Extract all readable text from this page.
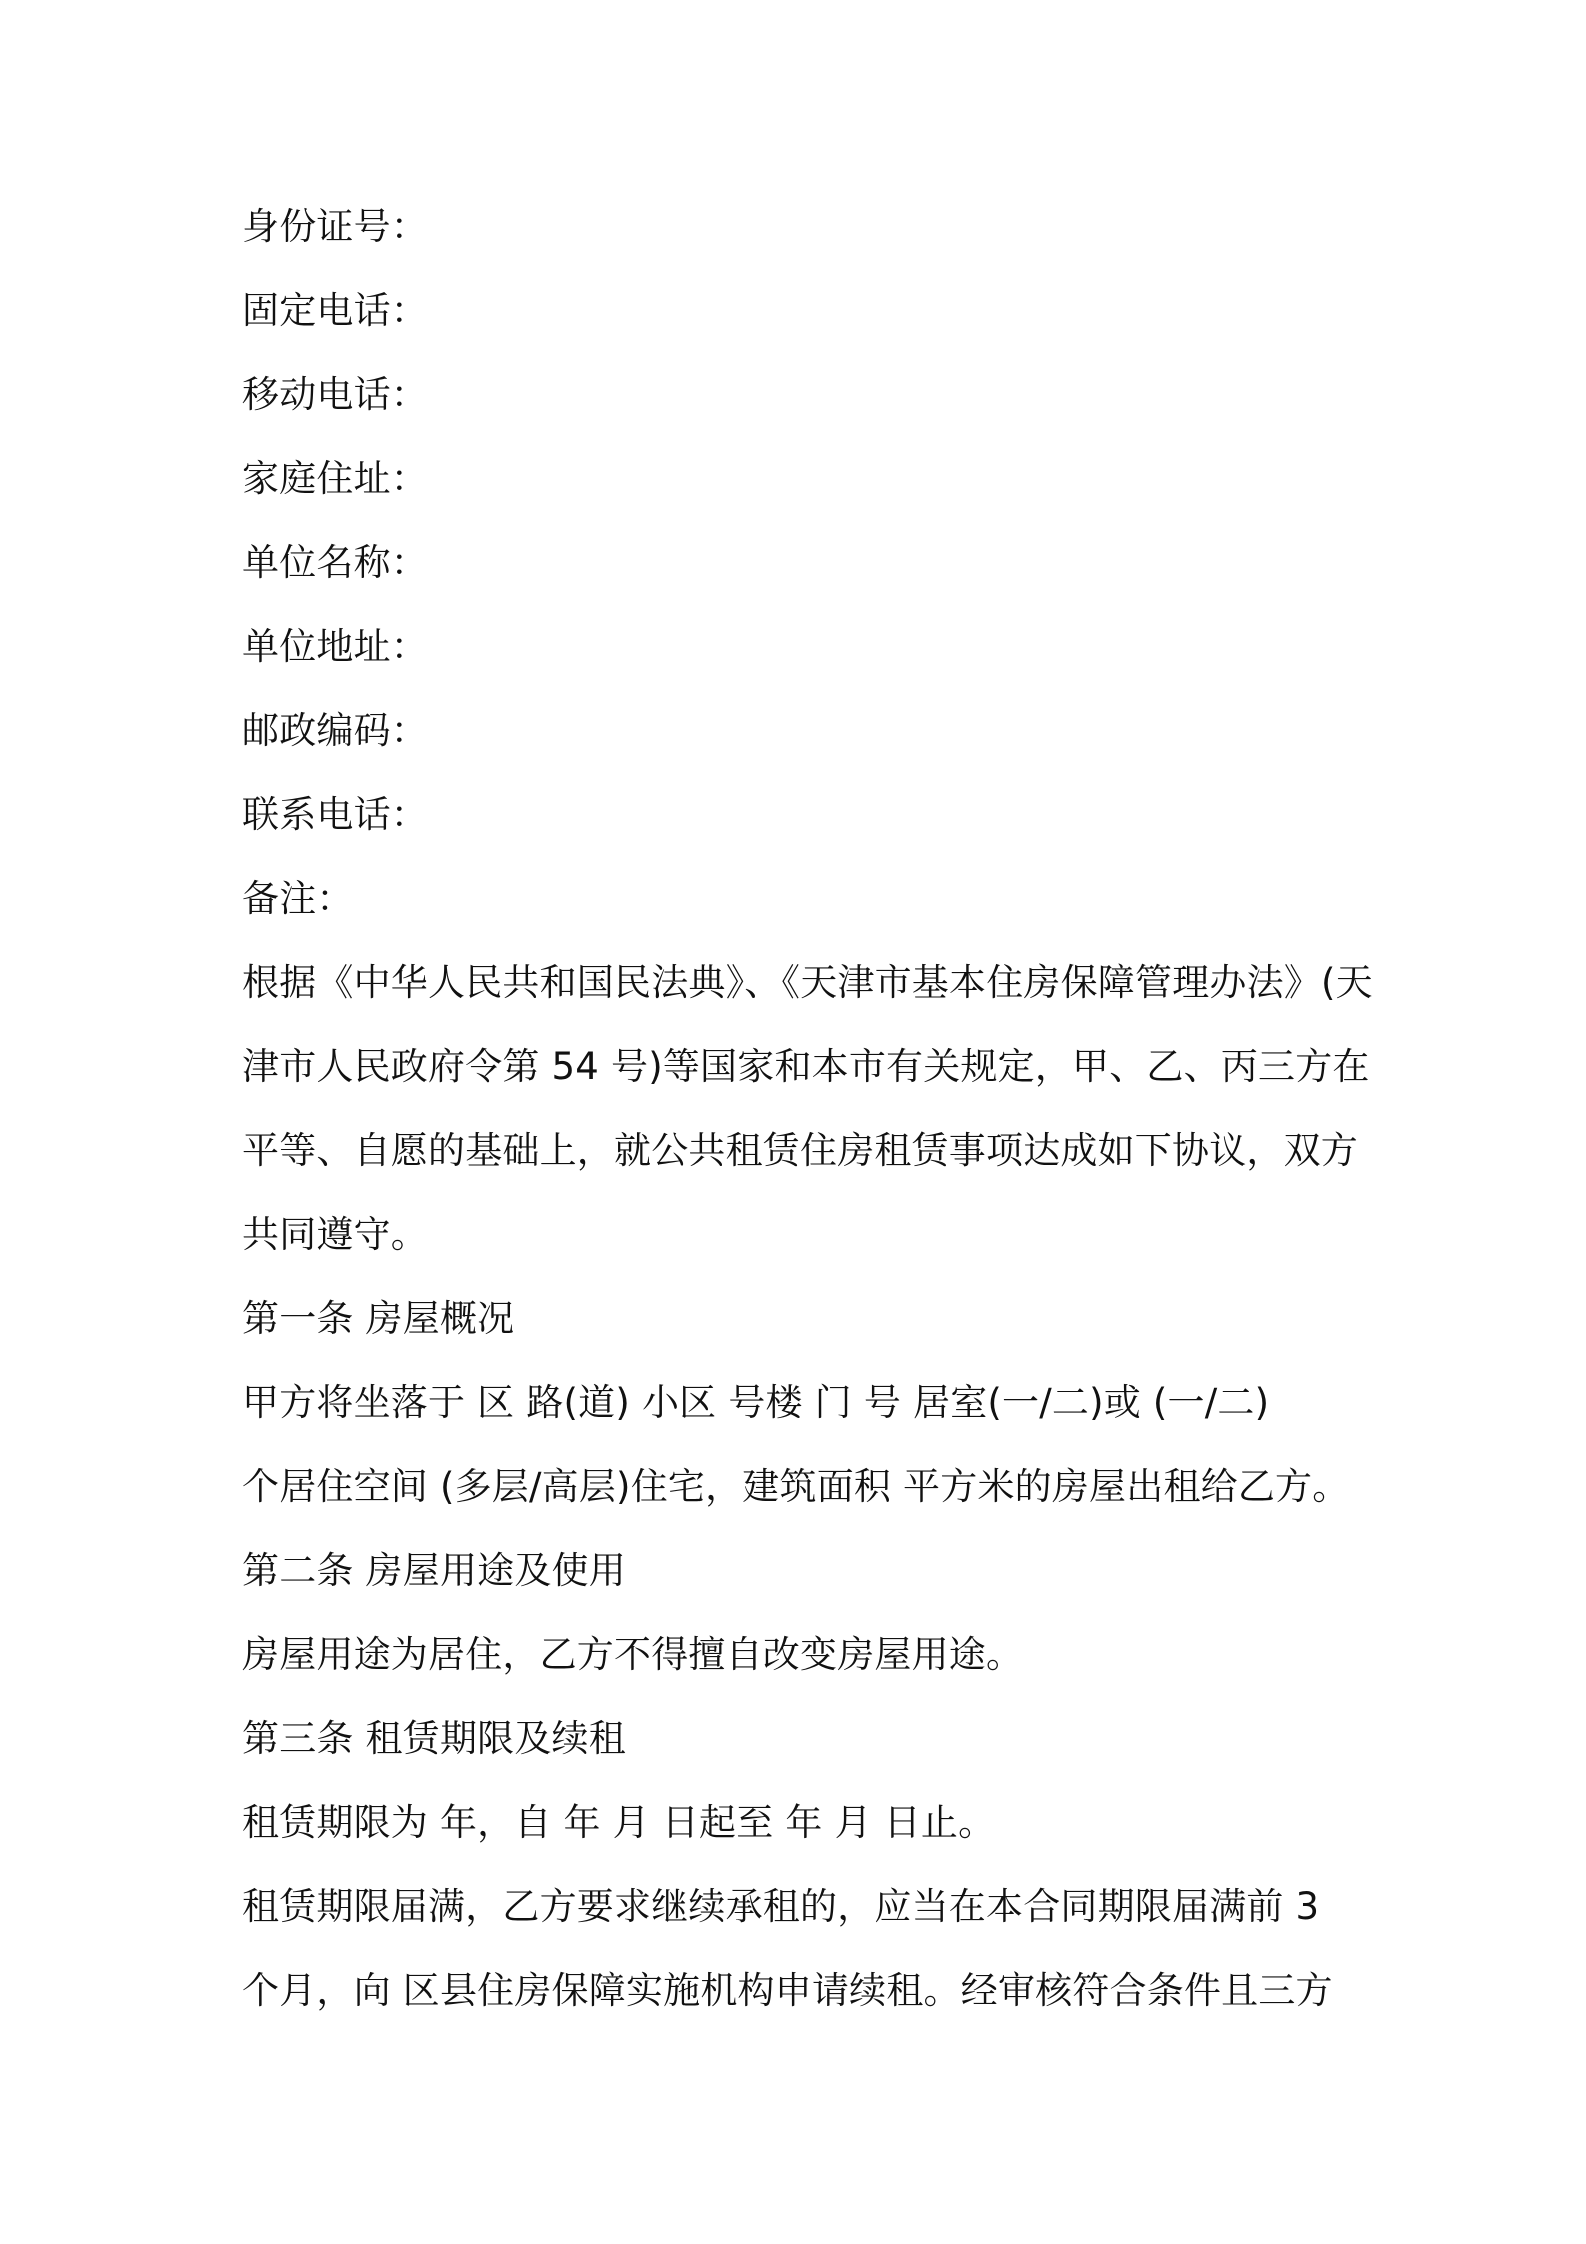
身份证号：
固定电话：
移动电话：
家庭住址：
单位名称：
单位地址：
邮政编码：
联系电话：
备注：
根据《中华人民共和国民法典》、《天津市基本住房保障管理办法》(天
津市人民政府令第 54 号)等国家和本市有关规定，甲、乙、丙三方在
平等、自愿的基础上，就公共租赁住房租赁事项达成如下协议，双方
共同遵守。
第一条 房屋概况
甲方将坐落于 区 路(道) 小区 号楼 门 号 居室(一/二)或 (一/二)
个居住空间 (多层/高层)住宅，建筑面积 平方米的房屋出租给乙方。
第二条 房屋用途及使用
房屋用途为居住，乙方不得擅自改变房屋用途。
第三条 租赁期限及续租
租赁期限为 年，自 年 月 日起至 年 月 日止。
租赁期限届满，乙方要求继续承租的，应当在本合同期限届满前 3
个月，向 区县住房保障实施机构申请续租。经审核符合条件且三方
